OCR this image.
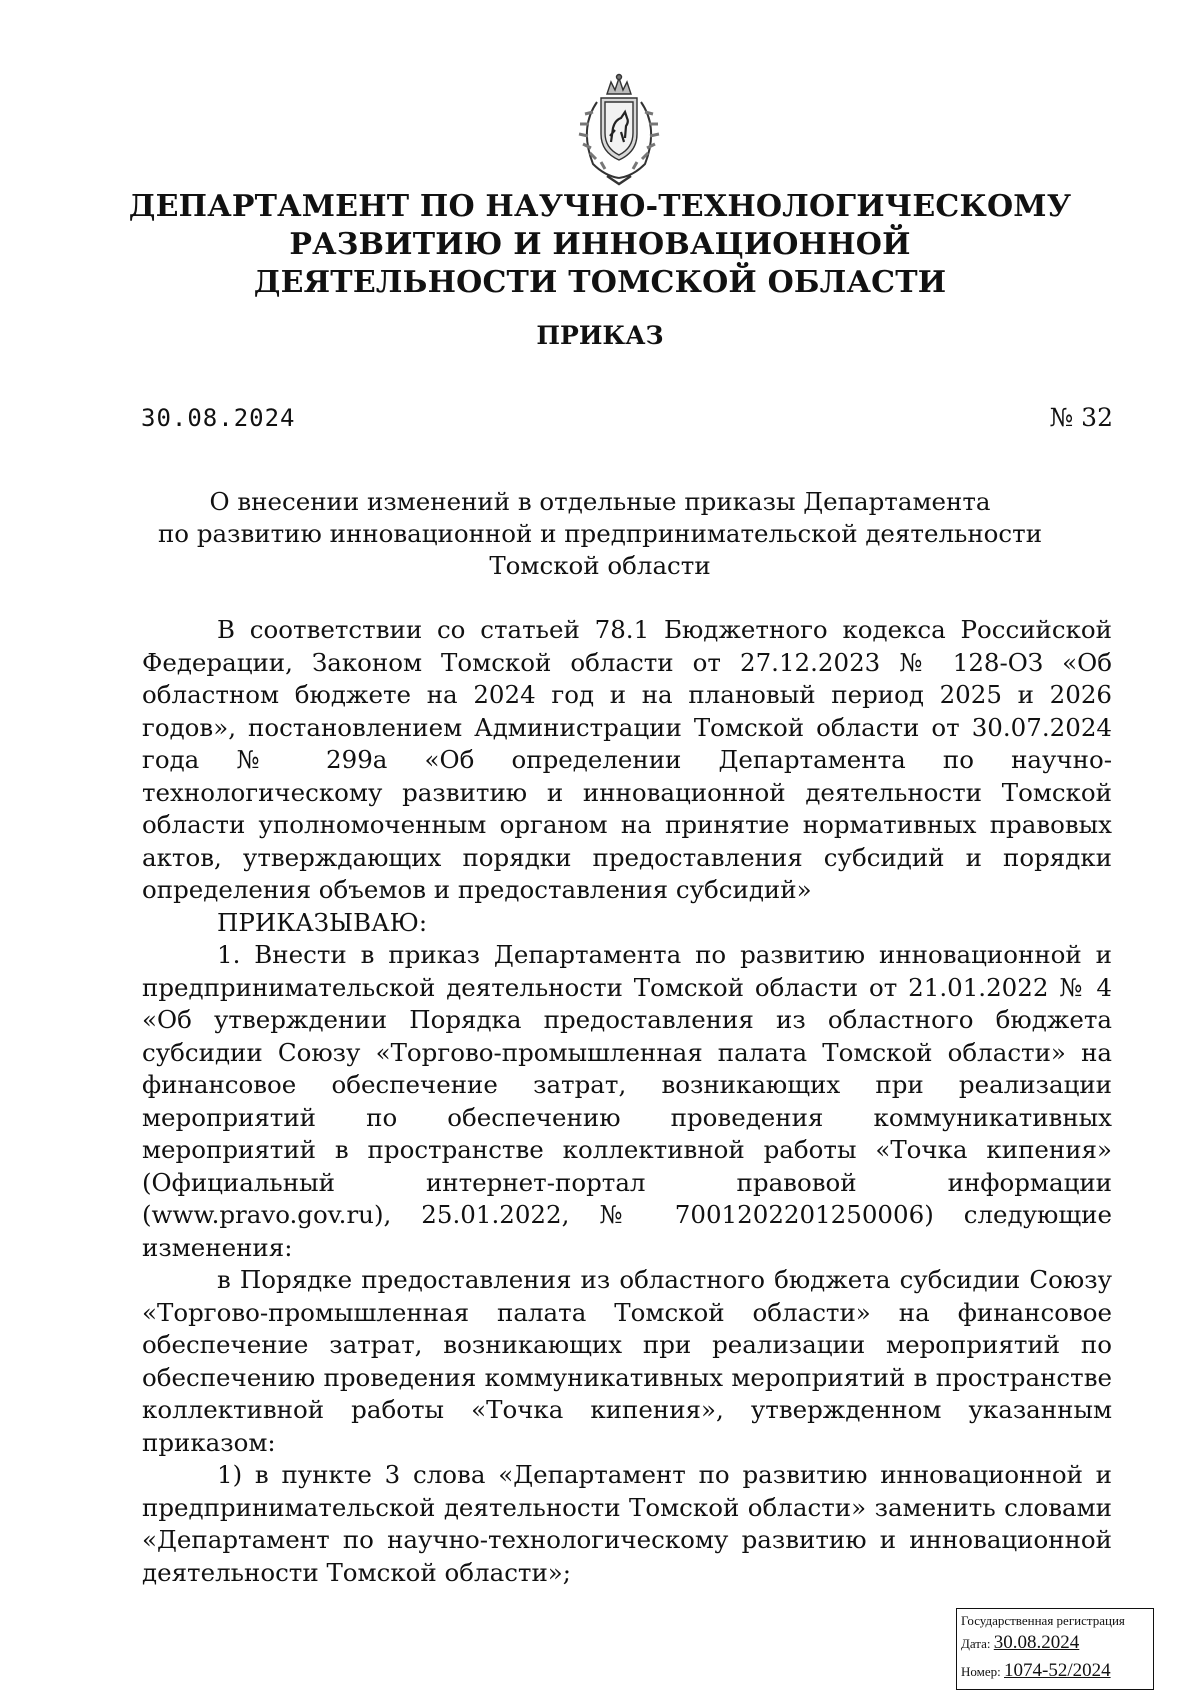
ДЕПАРТАМЕНТ ПО НАУЧНО-ТЕХНОЛОГИЧЕСКОМУ
РАЗВИТИЮ И ИННОВАЦИОННОЙ
ДЕЯТЕЛЬНОСТИ ТОМСКОЙ ОБЛАСТИ
ПРИКАЗ
30.08.2024	№ 32
О внесении изменений в отдельные приказы Департамента
по развитию инновационной и предпринимательской деятельности
Томской области

В соответствии со статьей 78.1 Бюджетного кодекса Российской Федерации, Законом Томской области от 27.12.2023 № 128-ОЗ «Об областном бюджете на 2024 год и на плановый период 2025 и 2026 годов», постановлением Администрации Томской области от 30.07.2024 года № 299а «Об определении Департамента по научно-технологическому развитию и инновационной деятельности Томской области уполномоченным органом на принятие нормативных правовых актов, утверждающих порядки предоставления субсидий и порядки определения объемов и предоставления субсидий»

ПРИКАЗЫВАЮ:

1. Внести в приказ Департамента по развитию инновационной и предпринимательской деятельности Томской области от 21.01.2022 № 4 «Об утверждении Порядка предоставления из областного бюджета субсидии Союзу «Торгово-промышленная палата Томской области» на финансовое обеспечение затрат, возникающих при реализации мероприятий по обеспечению проведения коммуникативных мероприятий в пространстве коллективной работы «Точка кипения» (Официальный интернет-портал правовой информации (www.pravo.gov.ru), 25.01.2022, № 7001202201250006) следующие изменения:

в Порядке предоставления из областного бюджета субсидии Союзу «Торгово-промышленная палата Томской области» на финансовое обеспечение затрат, возникающих при реализации мероприятий по обеспечению проведения коммуникативных мероприятий в пространстве коллективной работы «Точка кипения», утвержденном указанным приказом:

1) в пункте 3 слова «Департамент по развитию инновационной и предпринимательской деятельности Томской области» заменить словами «Департамент по научно-технологическому развитию и инновационной деятельности Томской области»;

Государственная регистрация
Дата: 30.08.2024
Номер: 1074-52/2024
